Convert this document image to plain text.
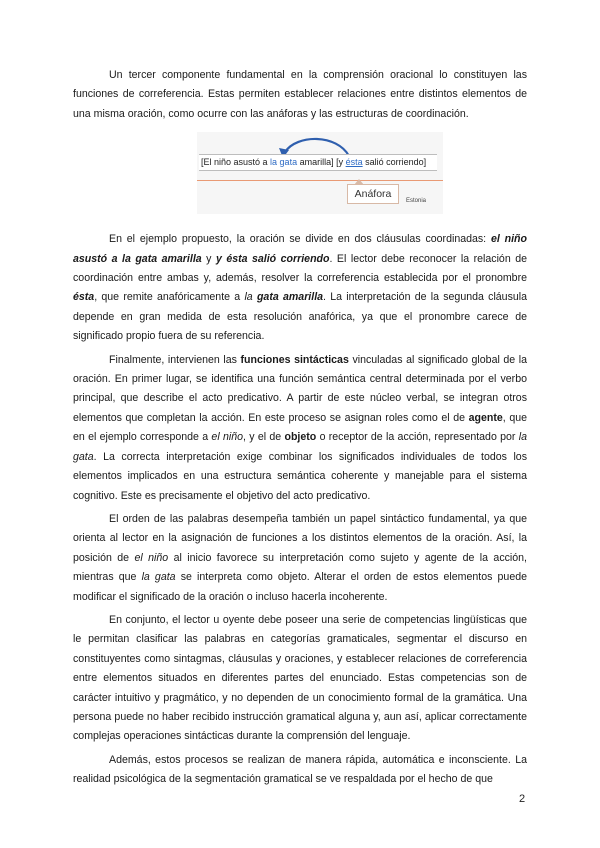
Un tercer componente fundamental en la comprensión oracional lo constituyen las funciones de correferencia. Estas permiten establecer relaciones entre distintos elementos de una misma oración, como ocurre con las anáforas y las estructuras de coordinación.

[El niño asustó a la gata amarilla] [y ésta salió corriendo]
Anáfora
Estonia

En el ejemplo propuesto, la oración se divide en dos cláusulas coordinadas: el niño asustó a la gata amarilla y y ésta salió corriendo. El lector debe reconocer la relación de coordinación entre ambas y, además, resolver la correferencia establecida por el pronombre ésta, que remite anafóricamente a la gata amarilla. La interpretación de la segunda cláusula depende en gran medida de esta resolución anafórica, ya que el pronombre carece de significado propio fuera de su referencia.

Finalmente, intervienen las funciones sintácticas vinculadas al significado global de la oración. En primer lugar, se identifica una función semántica central determinada por el verbo principal, que describe el acto predicativo. A partir de este núcleo verbal, se integran otros elementos que completan la acción. En este proceso se asignan roles como el de agente, que en el ejemplo corresponde a el niño, y el de objeto o receptor de la acción, representado por la gata. La correcta interpretación exige combinar los significados individuales de todos los elementos implicados en una estructura semántica coherente y manejable para el sistema cognitivo. Este es precisamente el objetivo del acto predicativo.

El orden de las palabras desempeña también un papel sintáctico fundamental, ya que orienta al lector en la asignación de funciones a los distintos elementos de la oración. Así, la posición de el niño al inicio favorece su interpretación como sujeto y agente de la acción, mientras que la gata se interpreta como objeto. Alterar el orden de estos elementos puede modificar el significado de la oración o incluso hacerla incoherente.

En conjunto, el lector u oyente debe poseer una serie de competencias lingüísticas que le permitan clasificar las palabras en categorías gramaticales, segmentar el discurso en constituyentes como sintagmas, cláusulas y oraciones, y establecer relaciones de correferencia entre elementos situados en diferentes partes del enunciado. Estas competencias son de carácter intuitivo y pragmático, y no dependen de un conocimiento formal de la gramática. Una persona puede no haber recibido instrucción gramatical alguna y, aun así, aplicar correctamente complejas operaciones sintácticas durante la comprensión del lenguaje.

Además, estos procesos se realizan de manera rápida, automática e inconsciente. La realidad psicológica de la segmentación gramatical se ve respaldada por el hecho de que

2
